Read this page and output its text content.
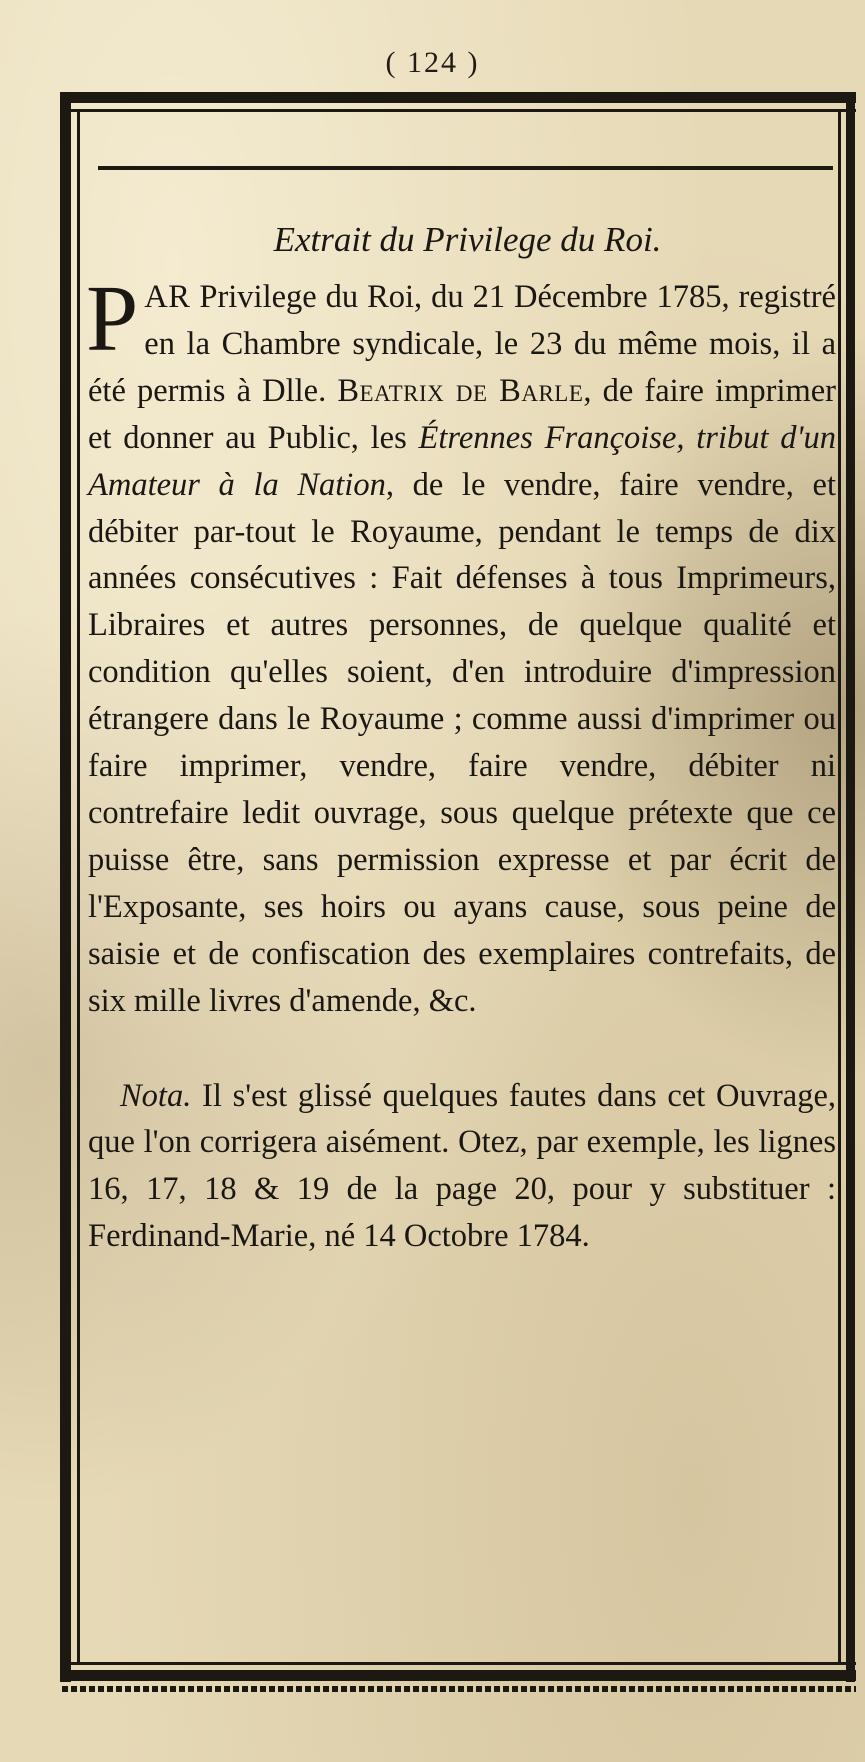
( 124 )
Extrait du Privilege du Roi.

PAR Privilege du Roi, du 21 Décembre 1785, registré en la Chambre syndicale, le 23 du même mois, il a été permis à Dlle. Beatrix de Barle, de faire imprimer et donner au Public, les Étrennes Françoise, tribut d'un Amateur à la Nation, de le vendre, faire vendre, et débiter par-tout le Royaume, pendant le temps de dix années consécutives : Fait défenses à tous Imprimeurs, Libraires et autres personnes, de quelque qualité et condition qu'elles soient, d'en introduire d'impression étrangere dans le Royaume ; comme aussi d'imprimer ou faire imprimer, vendre, faire vendre, débiter ni contrefaire ledit ouvrage, sous quelque prétexte que ce puisse être, sans permission expresse et par écrit de l'Exposante, ses hoirs ou ayans cause, sous peine de saisie et de confiscation des exemplaires contrefaits, de six mille livres d'amende, &c.

Nota. Il s'est glissé quelques fautes dans cet Ouvrage, que l'on corrigera aisément. Otez, par exemple, les lignes 16, 17, 18 & 19 de la page 20, pour y substituer : Ferdinand-Marie, né 14 Octobre 1784.
